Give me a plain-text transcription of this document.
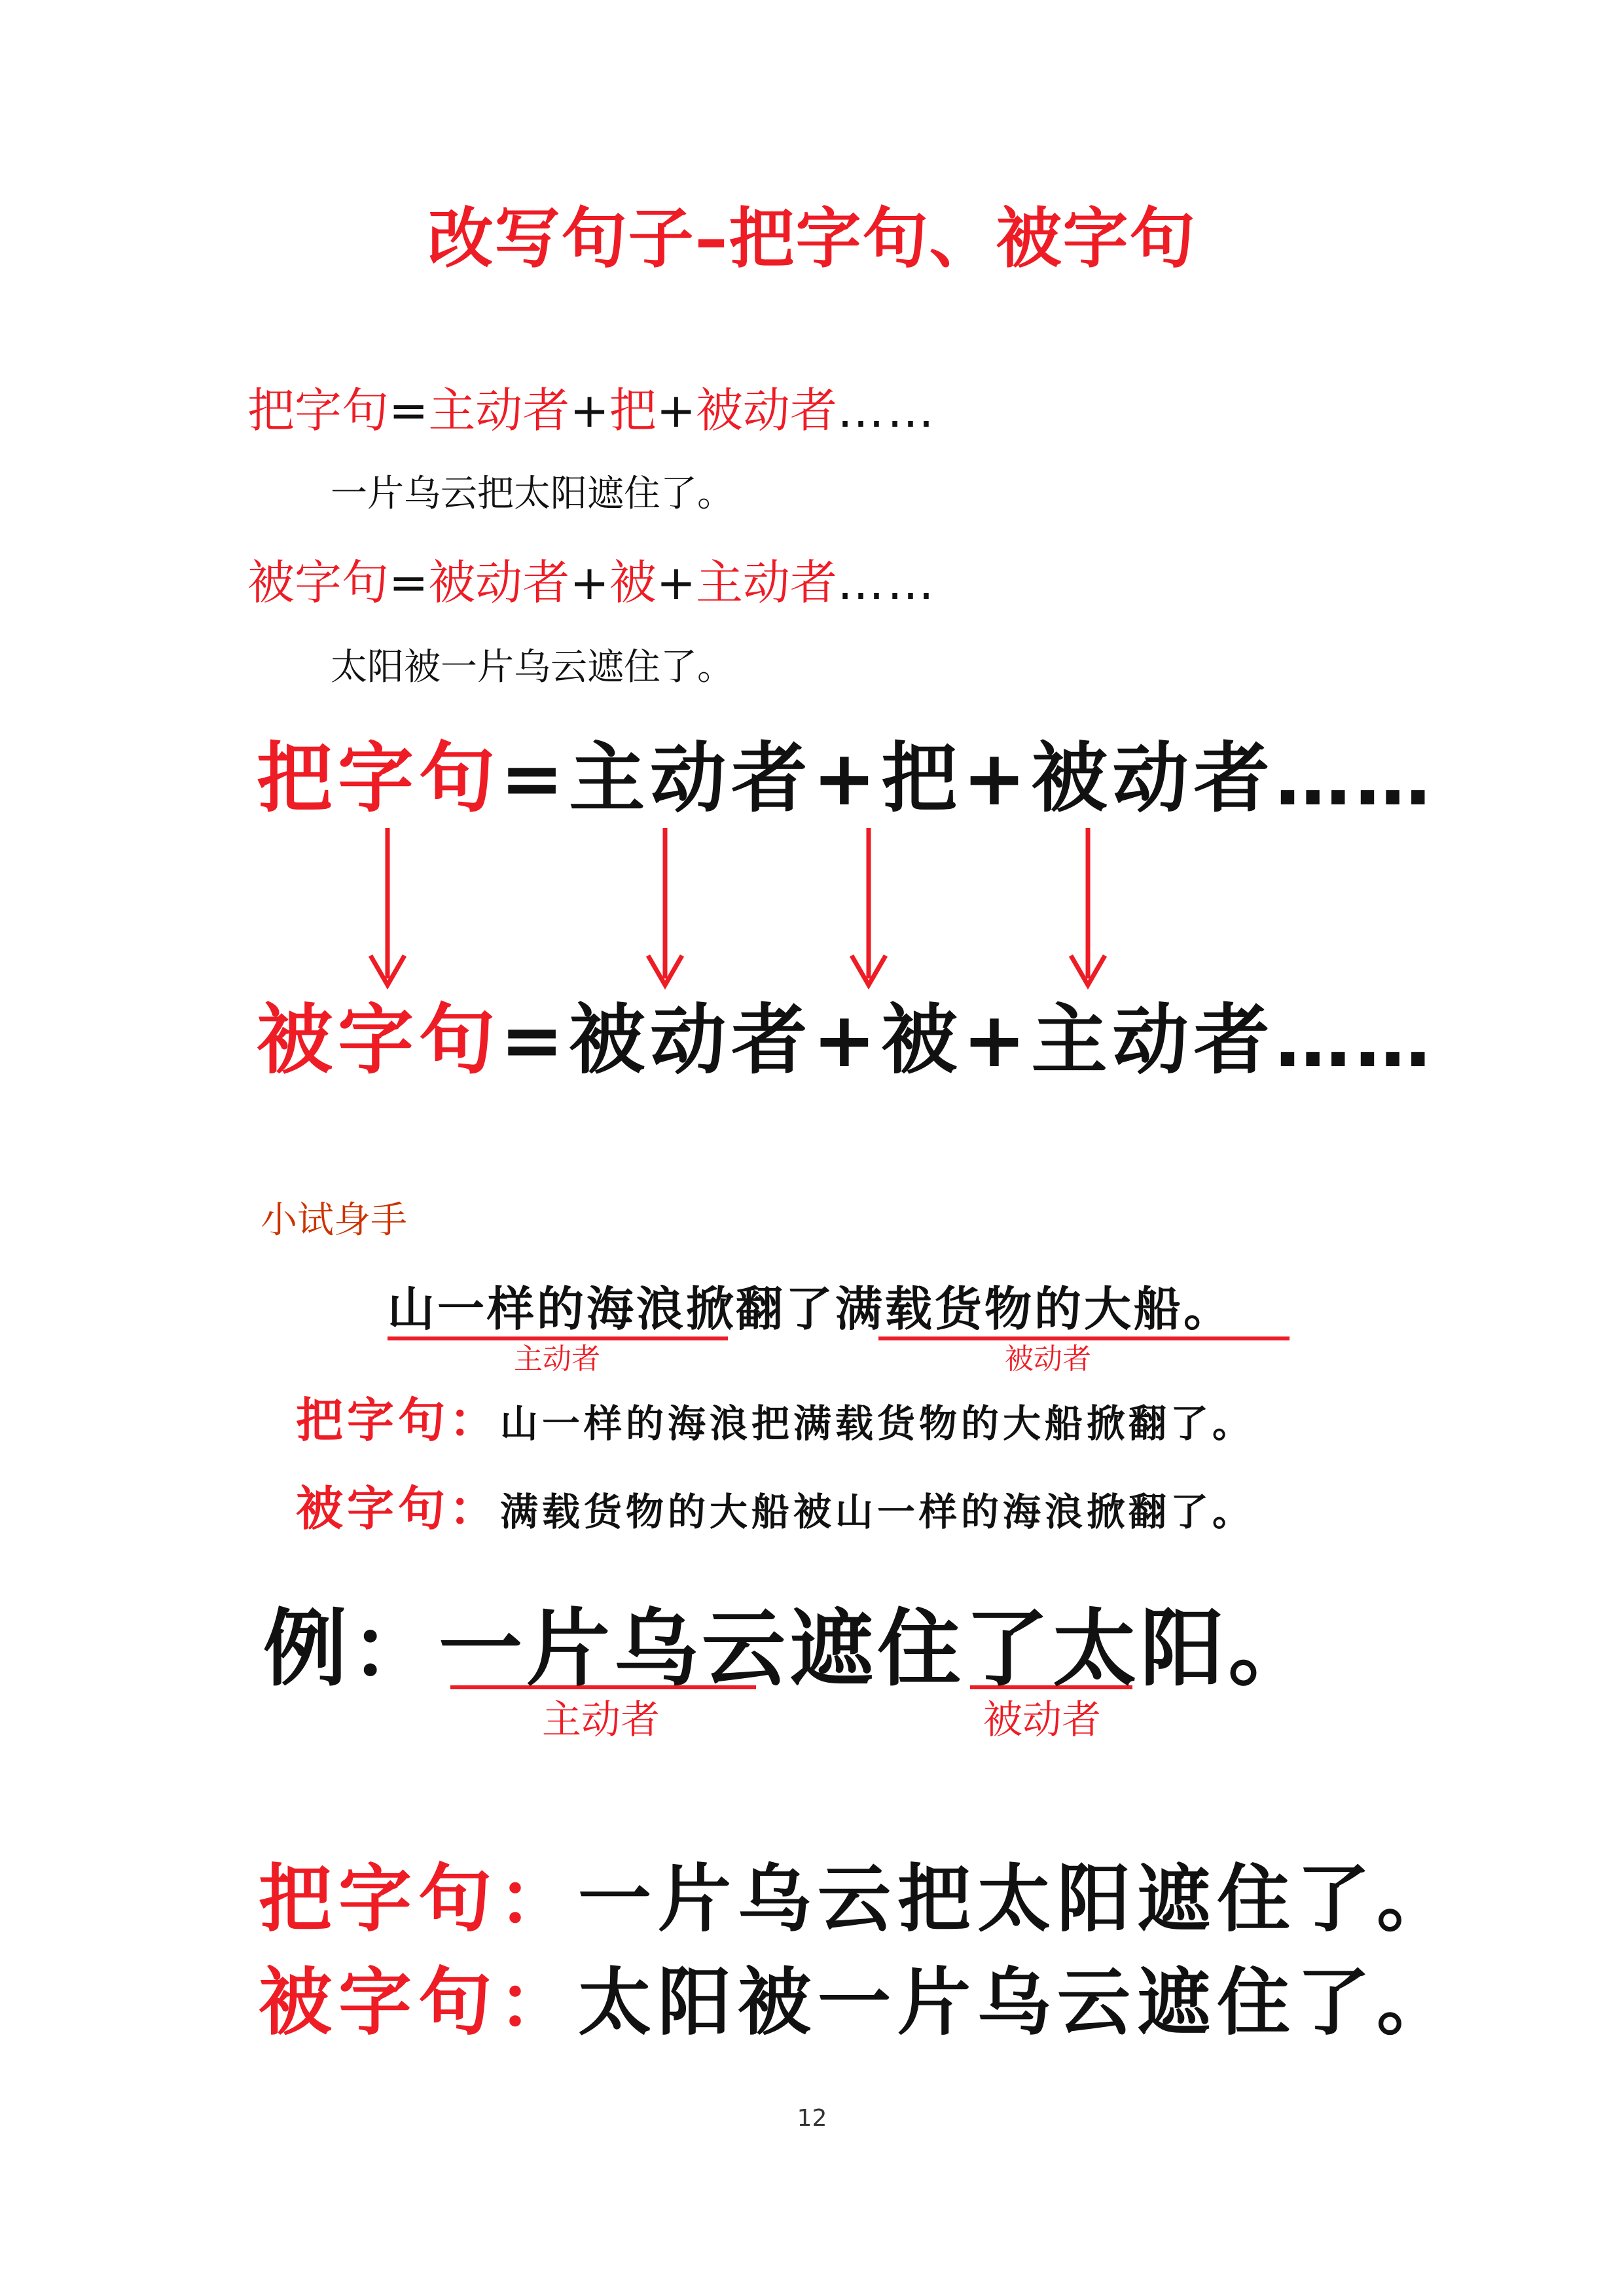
改写句子–把字句、被字句
把字句=主动者+把+被动者……
一片乌云把太阳遮住了。
被字句=被动者+被+主动者……
太阳被一片乌云遮住了。
把字句=主动者+把+被动者……
被字句=被动者+被+主动者……
小试身手
山一样的海浪掀翻了满载货物的大船。
主动者	被动者
把字句：山一样的海浪把满载货物的大船掀翻了。
被字句：满载货物的大船被山一样的海浪掀翻了。
例：一片乌云遮住了太阳。
主动者	被动者
把字句：一片乌云把太阳遮住了。
被字句：太阳被一片乌云遮住了。
12
